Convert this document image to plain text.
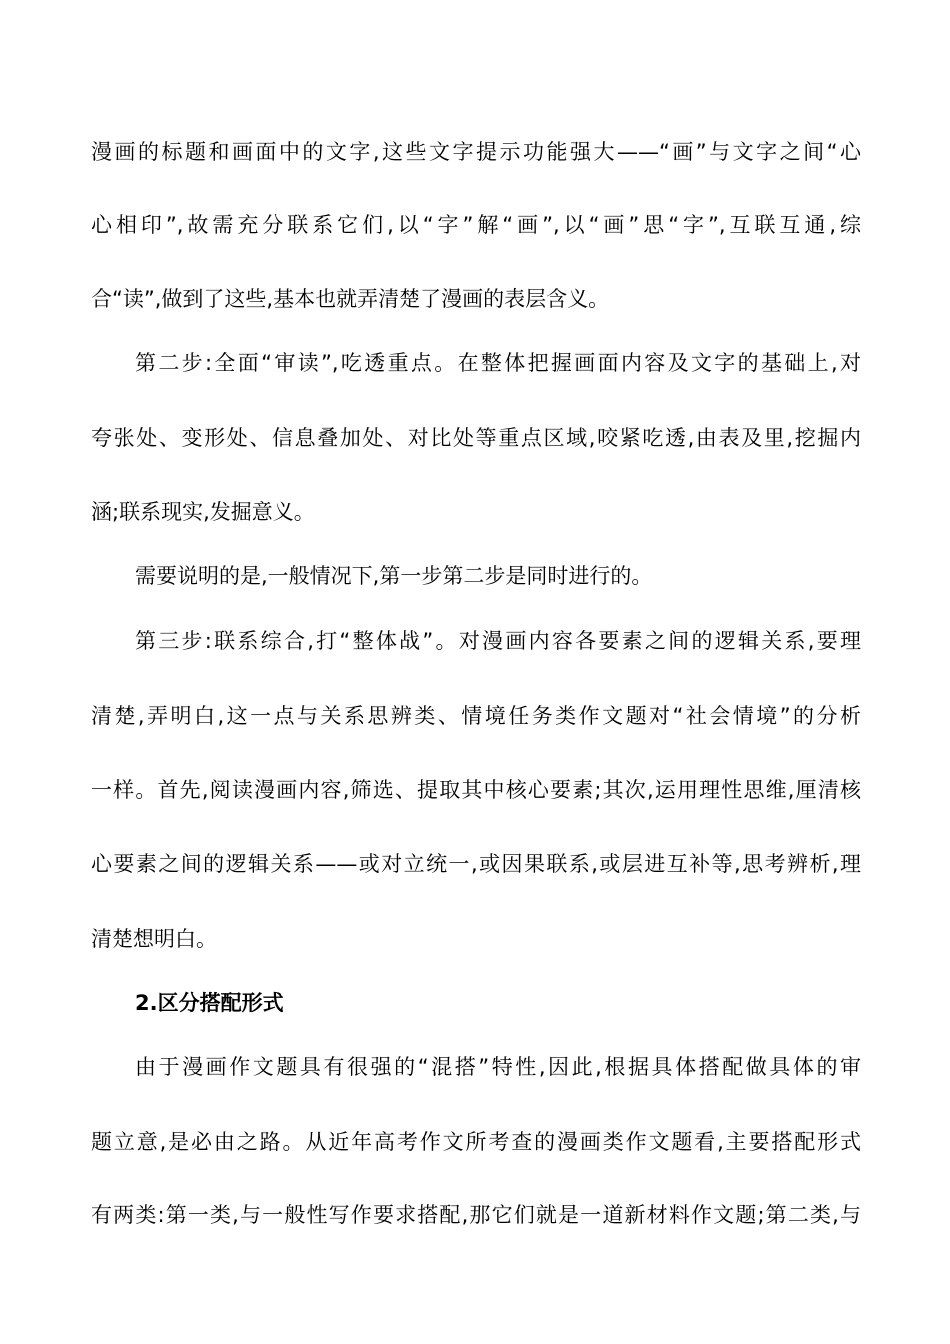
漫画的标题和画面中的文字,这些文字提示功能强大——“画”与文字之间“心
心相印”,故需充分联系它们,以“字”解“画”,以“画”思“字”,互联互通,综
合“读”,做到了这些,基本也就弄清楚了漫画的表层含义。
第二步:全面“审读”,吃透重点。在整体把握画面内容及文字的基础上,对
夸张处、变形处、信息叠加处、对比处等重点区域,咬紧吃透,由表及里,挖掘内
涵;联系现实,发掘意义。
需要说明的是,一般情况下,第一步第二步是同时进行的。
第三步:联系综合,打“整体战”。对漫画内容各要素之间的逻辑关系,要理
清楚,弄明白,这一点与关系思辨类、情境任务类作文题对“社会情境”的分析
一样。首先,阅读漫画内容,筛选、提取其中核心要素;其次,运用理性思维,厘清核
心要素之间的逻辑关系——或对立统一,或因果联系,或层进互补等,思考辨析,理
清楚想明白。
2.区分搭配形式
由于漫画作文题具有很强的“混搭”特性,因此,根据具体搭配做具体的审
题立意,是必由之路。从近年高考作文所考查的漫画类作文题看,主要搭配形式
有两类:第一类,与一般性写作要求搭配,那它们就是一道新材料作文题;第二类,与
